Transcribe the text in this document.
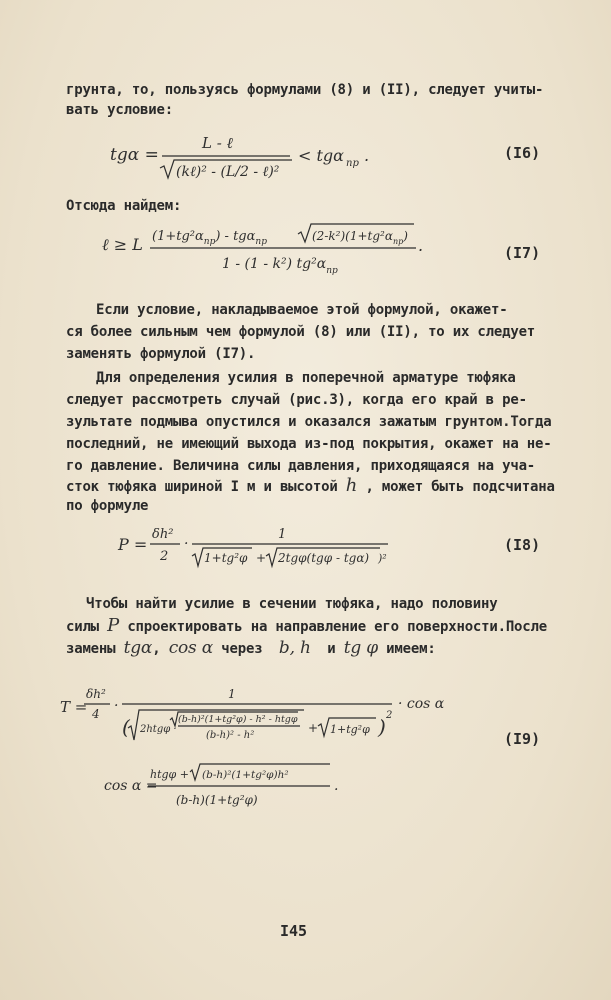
грунта, то, пользуясь формулами (8) и (II), следует учиты-
вать условие:
tgα =
L - ℓ
(kℓ)² - (L/2 - ℓ)²
< tgα пр .	(I6)
Отсюда найдем:
ℓ ≥ L $(1+tg^2\alpha_{пр}) - tg\alpha_{пр}$	$(2-k^2)(1+tg^2\alpha_{пр})$
1 - (1 - k²) $tg^2\alpha_{пр}$
.	(I7)
Если условие, накладываемое этой формулой, окажет-
ся более сильным чем формулой (8) или (II), то их следует
заменять формулой (I7).
Для определения усилия в поперечной арматуре тюфяка
следует рассмотреть случай (рис.3), когда его край в ре-
зультате подмыва опустился и оказался зажатым грунтом.Тогда
последний, не имеющий выхода из-под покрытия, окажет на не-
го давление. Величина силы давления, приходящаяся на уча-
сток тюфяка шириной I м и высотой h , может быть подсчитана
по формуле
P =
δh²
2
·
1
1+tg²φ + 2tgφ(tgφ - tgα) )²
(I8)
Чтобы найти усилие в сечении тюфяка, надо половину
силы P спроектировать на направление его поверхности.После
замены tgα, cos α через b, h и tg φ имеем:
T =
δh²
4 ·
1
( 2htgφ ·
(b-h)²(1+tg²φ) - h² - htgφ
(b-h)² - h²
+ 1+tg²φ ) 2
· cos α
(I9)
cos α =
htgφ + (b-h)²(1+tg²φ)h²
(b-h)(1+tg²φ)
.
I45
